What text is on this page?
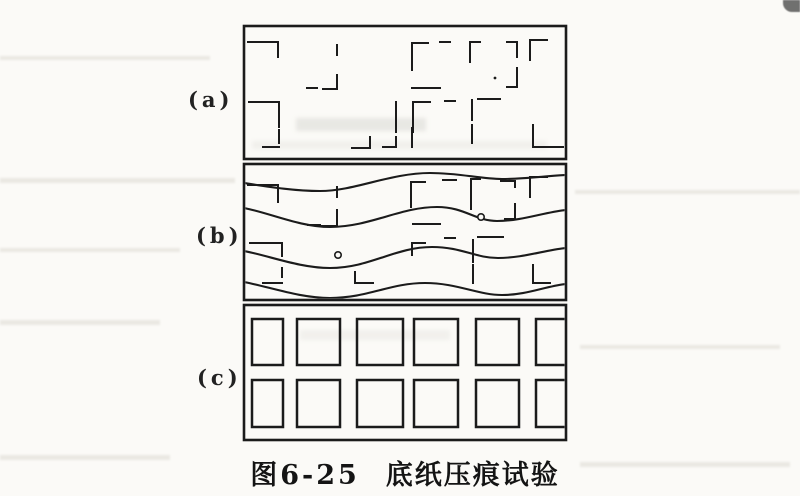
(a)
(b)
(c)
图6-25 底纸压痕试验
